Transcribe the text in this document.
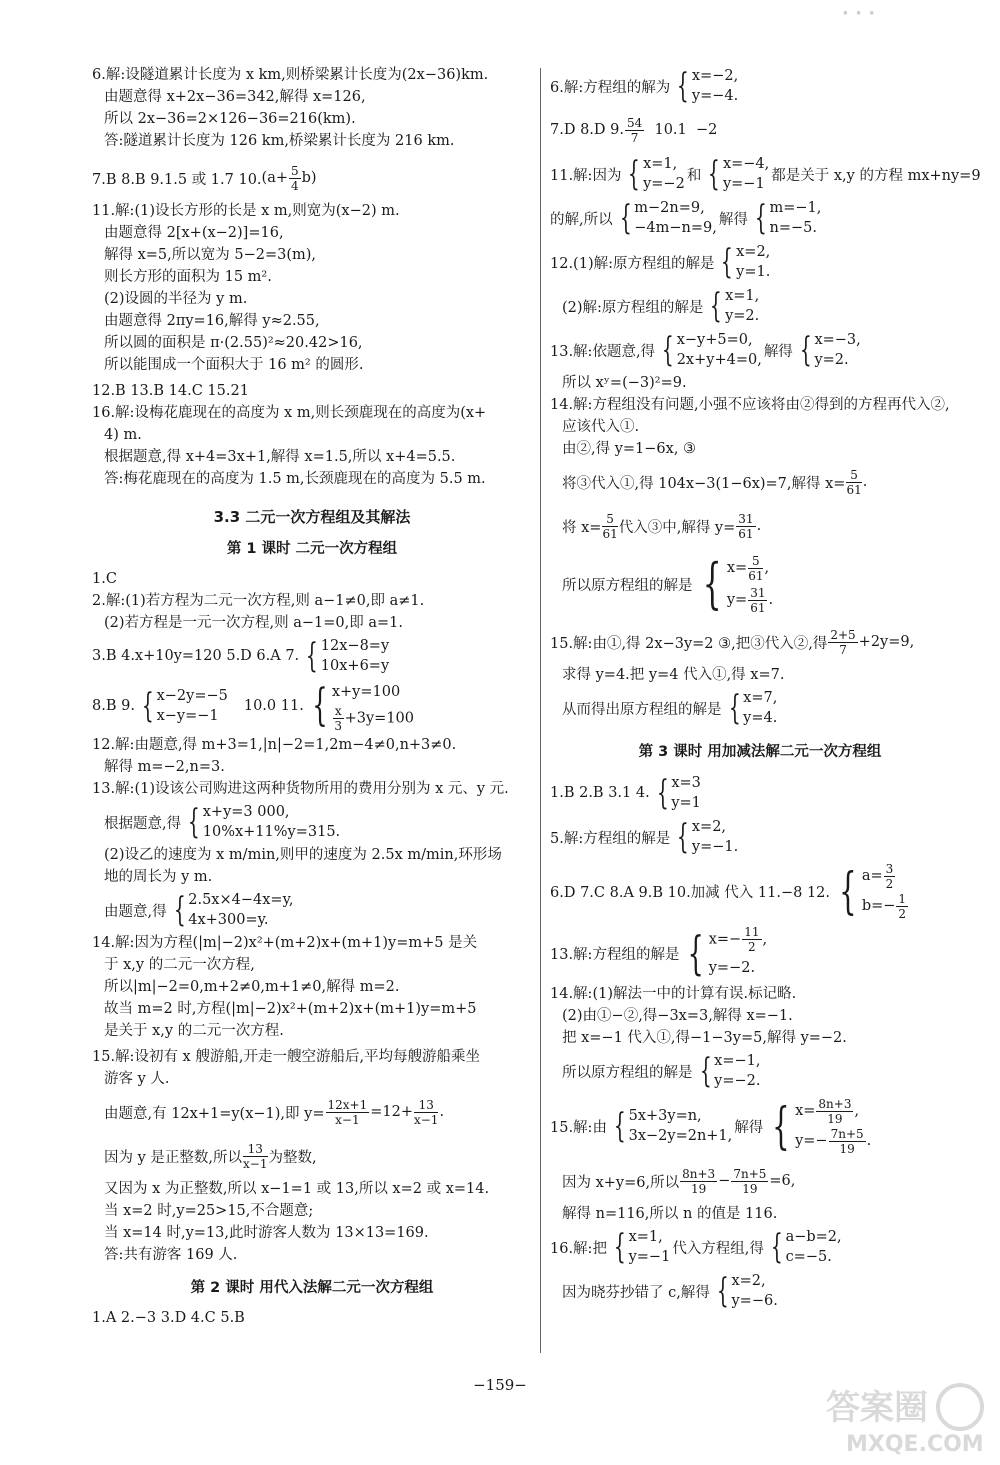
· · ·

6.解:设隧道累计长度为 x km,则桥梁累计长度为(2x−36)km.

由题意得 x+2x−36=342,解得 x=126,

所以 2x−36=2×126−36=216(km).

答:隧道累计长度为 126 km,桥梁累计长度为 216 km.

7.B 8.B 9.1.5 或 1.7 10. $(a+ \frac{5}{4} b)$

11.解:(1)设长方形的长是 x m,则宽为(x−2) m.

由题意得 2[x+(x−2)]=16,

解得 x=5,所以宽为 5−2=3(m),

则长方形的面积为 15 m².

(2)设圆的半径为 y m.

由题意得 2πy=16,解得 y≈2.55,

所以圆的面积是 π·(2.55)²≈20.42>16,

所以能围成一个面积大于 16 m² 的圆形.

12.B 13.B 14.C 15.21

16.解:设梅花鹿现在的高度为 x m,则长颈鹿现在的高度为(x+

4) m.

根据题意,得 x+4=3x+1,解得 x=1.5,所以 x+4=5.5.

答:梅花鹿现在的高度为 1.5 m,长颈鹿现在的高度为 5.5 m.

3.3 二元一次方程组及其解法
第 1 课时 二元一次方程组

1.C

2.解:(1)若方程为二元一次方程,则 a−1≠0,即 a≠1.

(2)若方程是一元一次方程,则 a−1=0,即 a=1.

3.B 4.x+10y=120 5.D 6.A 7. { 12x−8=y
10x+6=y
8.B 9. { x−2y=−5
x−y=−1
10.0 11. { x+y=100
$\frac{x}{3} +3y=100$

12.解:由题意,得 m+3=1,|n|−2=1,2m−4≠0,n+3≠0.

解得 m=−2,n=3.

13.解:(1)设该公司购进这两种货物所用的费用分别为 x 元、y 元.

根据题意,得 { x+y=3 000,
10%x+11%y=315.

(2)设乙的速度为 x m/min,则甲的速度为 2.5x m/min,环形场

地的周长为 y m.

由题意,得 { 2.5x×4−4x=y,
4x+300=y.

14.解:因为方程(|m|−2)x²+(m+2)x+(m+1)y=m+5 是关

于 x,y 的二元一次方程,

所以|m|−2=0,m+2≠0,m+1≠0,解得 m=2.

故当 m=2 时,方程(|m|−2)x²+(m+2)x+(m+1)y=m+5

是关于 x,y 的二元一次方程.

15.解:设初有 x 艘游船,开走一艘空游船后,平均每艘游船乘坐

游客 y 人.

由题意,有 12x+1=y(x−1),即 $y= \frac{12x+1}{x-1} =12+ \frac{13}{x-1}$ .
因为 y 是正整数,所以 $\frac{13}{x-1}$ 为整数,

又因为 x 为正整数,所以 x−1=1 或 13,所以 x=2 或 x=14.

当 x=2 时,y=25>15,不合题意;

当 x=14 时,y=13,此时游客人数为 13×13=169.

答:共有游客 169 人.

第 2 课时 用代入法解二元一次方程组

1.A 2.−3 3.D 4.C 5.B

6.解:方程组的解为 { x=−2,
y=−4.
7.D 8.D 9. $\frac{54}{7} 10.1 -2$
11.解:因为 { x=1,
y=−2
和 { x=−4,
y=−1
都是关于 x,y 的方程 mx+ny=9
的解,所以 { m−2n=9,
−4m−n=9,
解得 { m=−1,
n=−5.
12.(1)解:原方程组的解是 { x=2,
y=1.
(2)解:原方程组的解是 { x=1,
y=2.
13.解:依题意,得 { x−y+5=0,
2x+y+4=0,
解得 { x=−3,
y=2.

所以 xʸ=(−3)²=9.

14.解:方程组没有问题,小强不应该将由②得到的方程再代入②,

应该代入①.

由②,得 y=1−6x, ③

将③代入①,得 104x−3(1−6x)=7,解得 $x= \frac{5}{61}$ .
将 $x= \frac{5}{61}$ 代入③中,解得 $y= \frac{31}{61}$ .
所以原方程组的解是 { $x= \frac{5}{61}$ ,
$y= \frac{31}{61}$ .
15.解:由①,得 2x−3y=2 ③,把③代入②,得 $\frac{2+5}{7} +2y=9$,

求得 y=4.把 y=4 代入①,得 x=7.

从而得出原方程组的解是 { x=7,
y=4.
第 3 课时 用加减法解二元一次方程组
1.B 2.B 3.1 4. { x=3
y=1
5.解:方程组的解是 { x=2,
y=−1.
6.D 7.C 8.A 9.B 10.加减 代入 11.−8 12. { $a= \frac{3}{2}$
$b=- \frac{1}{2}$
13.解:方程组的解是 { $x=- \frac{11}{2}$ ,
y=−2.

14.解:(1)解法一中的计算有误.标记略.

(2)由①−②,得−3x=3,解得 x=−1.

把 x=−1 代入①,得−1−3y=5,解得 y=−2.

所以原方程组的解是 { x=−1,
y=−2.
15.解:由 { 5x+3y=n,
3x−2y=2n+1,
解得 { $x= \frac{8n+3}{19}$ ,
$y=- \frac{7n+5}{19}$ .
因为 x+y=6,所以 $\frac{8n+3}{19} - \frac{7n+5}{19} =6$,

解得 n=116,所以 n 的值是 116.

16.解:把 { x=1,
y=−1
代入方程组,得 { a−b=2,
c=−5.
因为晓芬抄错了 c,解得 { x=2,
y=−6.
−159−
答案圈
MXQE.COM
